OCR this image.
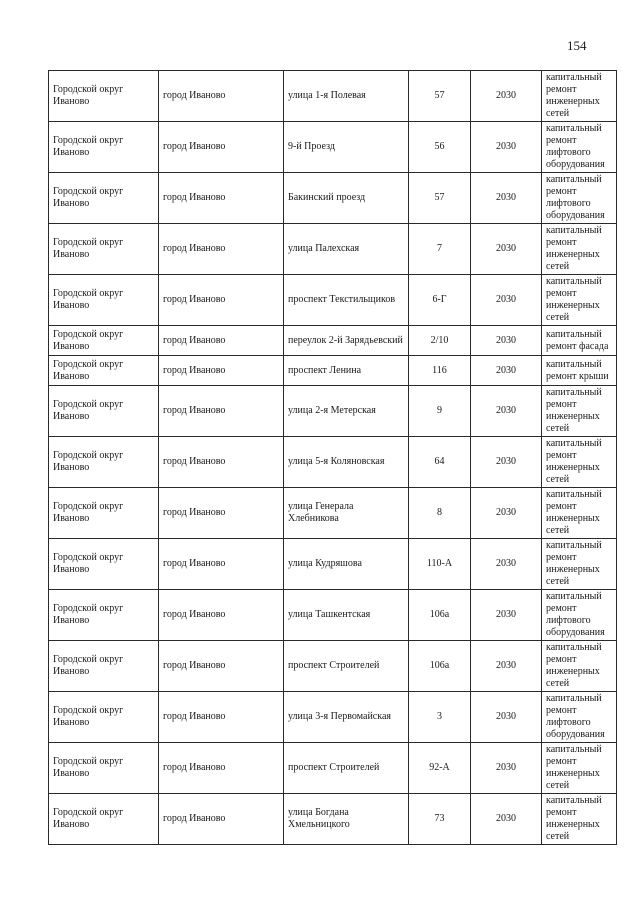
154
Городской округ Иваново	город Иваново	улица 1-я Полевая	57	2030	капитальный ремонт инженерных сетей
Городской округ Иваново	город Иваново	9-й Проезд	56	2030	капитальный ремонт лифтового оборудования
Городской округ Иваново	город Иваново	Бакинский проезд	57	2030	капитальный ремонт лифтового оборудования
Городской округ Иваново	город Иваново	улица Палехская	7	2030	капитальный ремонт инженерных сетей
Городской округ Иваново	город Иваново	проспект Текстильщиков	6-Г	2030	капитальный ремонт инженерных сетей
Городской округ Иваново	город Иваново	переулок 2-й Зарядьевский	2/10	2030	капитальный ремонт фасада
Городской округ Иваново	город Иваново	проспект Ленина	116	2030	капитальный ремонт крыши
Городской округ Иваново	город Иваново	улица 2-я Метерская	9	2030	капитальный ремонт инженерных сетей
Городской округ Иваново	город Иваново	улица 5-я Коляновская	64	2030	капитальный ремонт инженерных сетей
Городской округ Иваново	город Иваново	улица Генерала Хлебникова	8	2030	капитальный ремонт инженерных сетей
Городской округ Иваново	город Иваново	улица Кудряшова	110-А	2030	капитальный ремонт инженерных сетей
Городской округ Иваново	город Иваново	улица Ташкентская	106а	2030	капитальный ремонт лифтового оборудования
Городской округ Иваново	город Иваново	проспект Строителей	106а	2030	капитальный ремонт инженерных сетей
Городской округ Иваново	город Иваново	улица 3-я Первомайская	3	2030	капитальный ремонт лифтового оборудования
Городской округ Иваново	город Иваново	проспект Строителей	92-А	2030	капитальный ремонт инженерных сетей
Городской округ Иваново	город Иваново	улица Богдана Хмельницкого	73	2030	капитальный ремонт инженерных сетей
